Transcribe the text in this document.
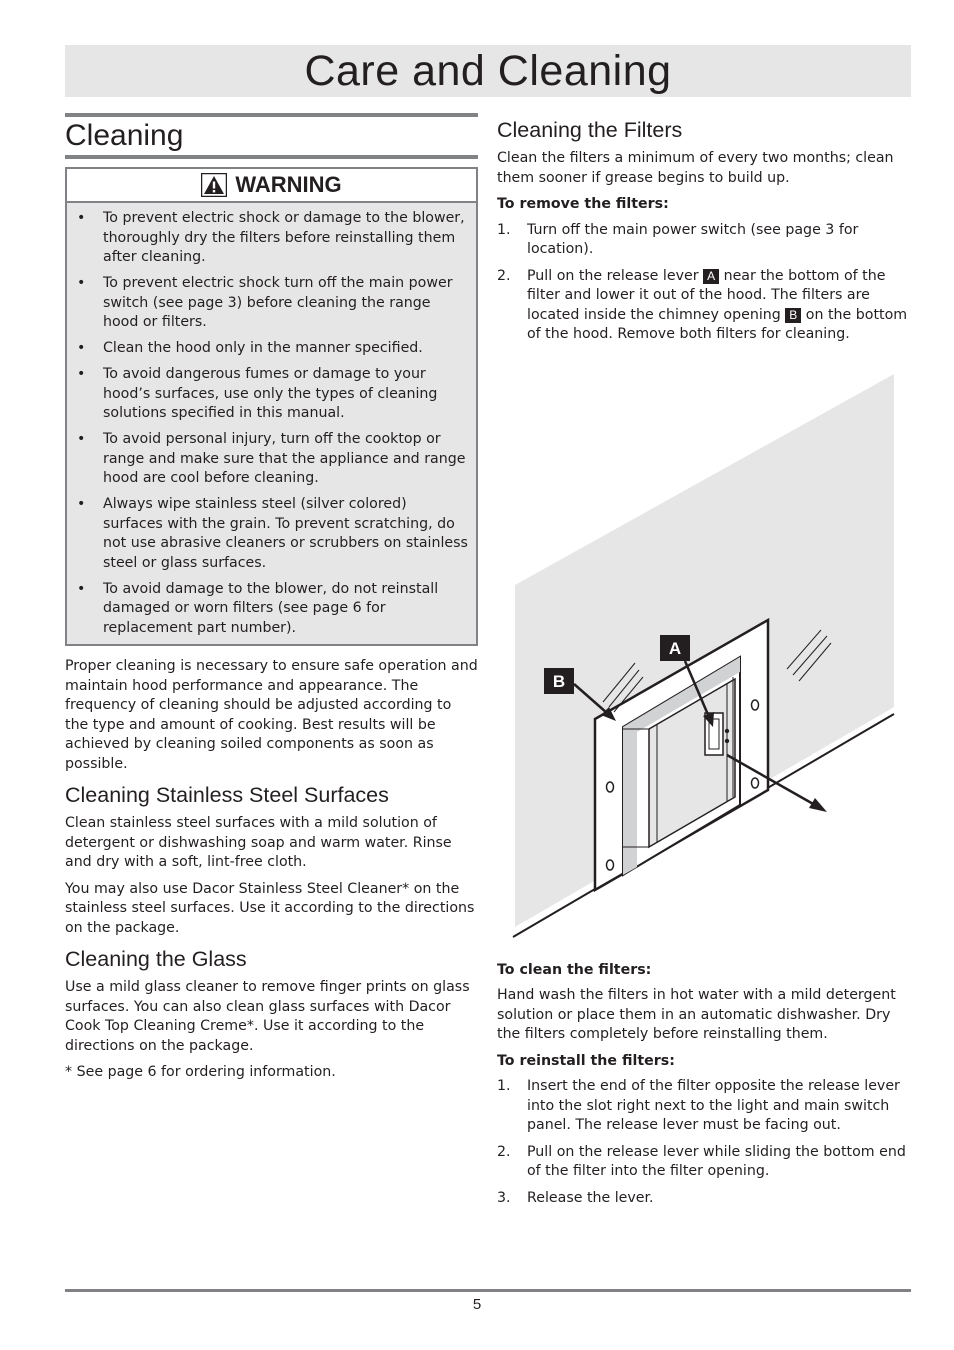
Care and Cleaning
Cleaning
WARNING
• To prevent electric shock or damage to the blower, thoroughly dry the filters before reinstalling them after cleaning.
• To prevent electric shock turn off the main power switch (see page 3) before cleaning the range hood or filters.
• Clean the hood only in the manner specified.
• To avoid dangerous fumes or damage to your hood’s surfaces, use only the types of cleaning solutions specified in this manual.
• To avoid personal injury, turn off the cooktop or range and make sure that the appliance and range hood are cool before cleaning.
• Always wipe stainless steel (silver colored) surfaces with the grain. To prevent scratching, do not use abrasive cleaners or scrubbers on stainless steel or glass surfaces.
• To avoid damage to the blower, do not reinstall damaged or worn filters (see page 6 for replacement part number).

Proper cleaning is necessary to ensure safe operation and maintain hood performance and appearance. The frequency of cleaning should be adjusted according to the type and amount of cooking. Best results will be achieved by cleaning soiled components as soon as possible.

Cleaning Stainless Steel Surfaces

Clean stainless steel surfaces with a mild solution of detergent or dishwashing soap and warm water. Rinse and dry with a soft, lint-free cloth.

You may also use Dacor Stainless Steel Cleaner* on the stainless steel surfaces. Use it according to the directions on the package.

Cleaning the Glass

Use a mild glass cleaner to remove finger prints on glass surfaces. You can also clean glass surfaces with Dacor Cook Top Cleaning Creme*. Use it according to the directions on the package.

* See page 6 for ordering information.

Cleaning the Filters

Clean the filters a minimum of every two months; clean them sooner if grease begins to build up.

To remove the filters:
1. Turn off the main power switch (see page 3 for location).
2. Pull on the release lever A near the bottom of the filter and lower it out of the hood. The filters are located inside the chimney opening B on the bottom of the hood. Remove both filters for cleaning.
A
B
To clean the filters:

Hand wash the filters in hot water with a mild detergent solution or place them in an automatic dishwasher. Dry the filters completely before reinstalling them.

To reinstall the filters:
1. Insert the end of the filter opposite the release lever into the slot right next to the light and main switch panel. The release lever must be facing out.
2. Pull on the release lever while sliding the bottom end of the filter into the filter opening.
3. Release the lever.
5
